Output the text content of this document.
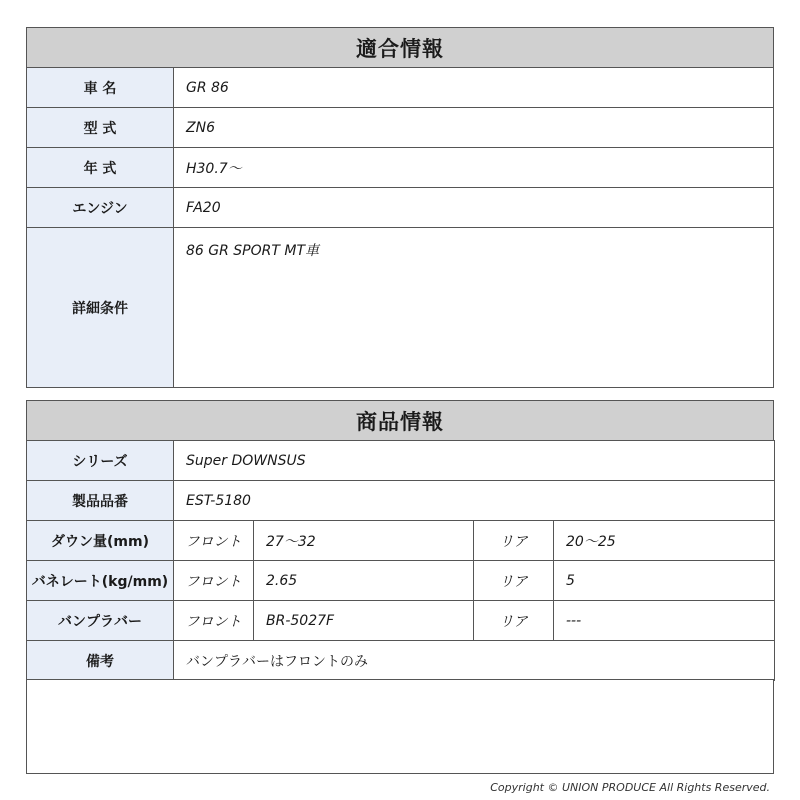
適合情報
車 名	GR 86
型 式	ZN6
年 式	H30.7～
エンジン	FA20
詳細条件	86 GR SPORT MT車
商品情報
シリーズ	Super DOWNSUS			
製品品番	EST-5180			
ダウン量(mm)	フロント	27～32	リア	20～25
バネレート(kg/mm)	フロント	2.65	リア	5
バンプラバー	フロント	BR-5027F	リア	---
備考	バンプラバーはフロントのみ			
Copyright © UNION PRODUCE All Rights Reserved.
